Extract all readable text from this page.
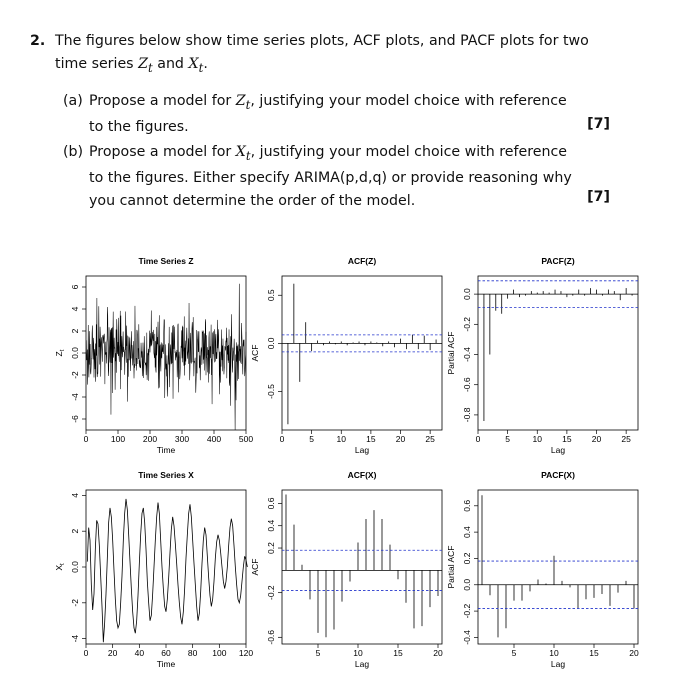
2. The figures below show time series plots, ACF plots, and PACF plots for two time series $Z_t$ and $X_t$.
(a) Propose a model for $Z_t$, justifying your model choice with reference to the figures.	[7]
(b) Propose a model for $X_t$, justifying your model choice with reference to the figures. Either specify ARIMA(p,d,q) or provide reasoning why you cannot determine the order of the model.	[7]
Time Series Z
0	100 200 300 400 500
Time
-6
-4
-2
0.0
2
4
6
$Z_t$
ACF(Z)
0	5	10 15 20 25
Lag
-0.5
0.0
0.5
ACF
PACF(Z)
0	5	10 15 20 25
Lag
-0.8
-0.6
-0.4
-0.2
0.0
Partial ACF
Time Series X
0 20 40 60 80 100 120
Time
-4
-2
0.0
2
4
$X_t$
ACF(X)
5	10	15	20
Lag
-0.6
-0.2
0.2
0.4
0.6
ACF
PACF(X)
5	10	15	20
Lag
-0.4
-0.2
0.0
0.2
0.4
0.6
Partial ACF
